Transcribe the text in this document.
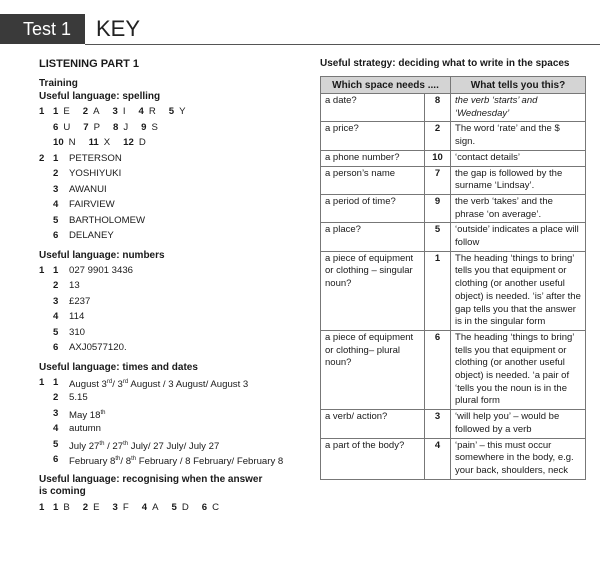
Test 1	KEY
LISTENING PART 1
Training
Useful language: spelling
1 1 E 2 A 3 I 4 R 5 Y
6 U 7 P 8 J 9 S
10 N 11 X 12 D
2 1	PETERSON
2	YOSHIYUKI
3	AWANUI
4	FAIRVIEW
5	BARTHOLOMEW
6	DELANEY
Useful language: numbers
1 1	027 9901 3436
2	13
3	£237
4	114
5	310
6	AXJ0577120.
Useful language: times and dates
1 1	August 3rd/ 3rd August / 3 August/ August 3
2	5.15
3	May 18th
4	autumn
5	July 27th / 27th July/ 27 July/ July 27
6	February 8th/ 8th February / 8 February/ February 8
Useful language: recognising when the answer
is coming
1 1 B 2 E 3 F 4 A 5 D 6 C
Useful strategy: deciding what to write in the spaces
Which space needs ....		What tells you this?
a date?	8	the verb ‘starts’ and ‘Wednesday’
a price?	2	The word ‘rate’ and the $ sign.
a phone number?	10	‘contact details’
a person’s name	7	the gap is followed by the surname ‘Lindsay’.
a period of time?	9	the verb ‘takes’ and the phrase ‘on average’.
a place?	5	‘outside’ indicates a place will follow
a piece of equipment or clothing – singular noun?	1	The heading ‘things to bring’ tells you that equipment or clothing (or another useful object) is needed. ‘is’ after the gap tells you that the answer is in the singular form
a piece of equipment or clothing– plural noun?	6	The heading ‘things to bring’ tells you that equipment or clothing (or another useful object) is needed. ‘a pair of ‘tells you the noun is in the plural form
a verb/ action?	3	‘will help you’ – would be followed by a verb
a part of the body?	4	‘pain’ – this must occur somewhere in the body, e.g. your back, shoulders, neck
